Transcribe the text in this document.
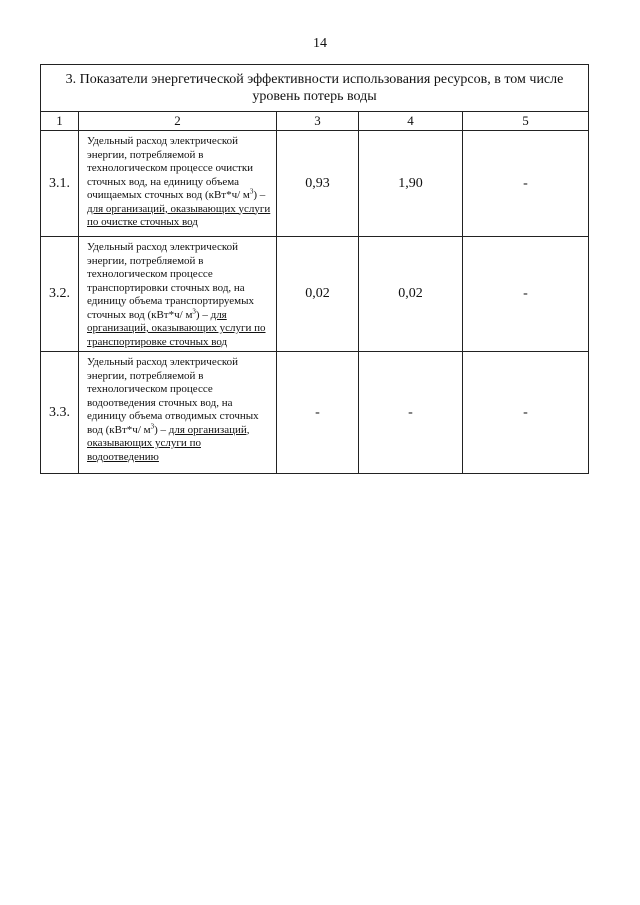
14
3. Показатели энергетической эффективности использования ресурсов, в том числе уровень потерь воды				
1	2	3	4	5
3.1.	Удельный расход электрической энергии, потребляемой в технологическом процессе очистки сточных вод, на единицу объема очищаемых сточных вод (кВт*ч/ $м^3$) – для организаций, оказывающих услуги по очистке сточных вод	0,93	1,90	-
3.2.	Удельный расход электрической энергии, потребляемой в технологическом процессе транспортировки сточных вод, на единицу объема транспортируемых сточных вод (кВт*ч/ $м^3$) – для организаций, оказывающих услуги по транспортировке сточных вод	0,02	0,02	-
3.3.	Удельный расход электрической энергии, потребляемой в технологическом процессе водоотведения сточных вод, на единицу объема отводимых сточных вод (кВт*ч/ $м^3$) – для организаций, оказывающих услуги по водоотведению	-	-	-
